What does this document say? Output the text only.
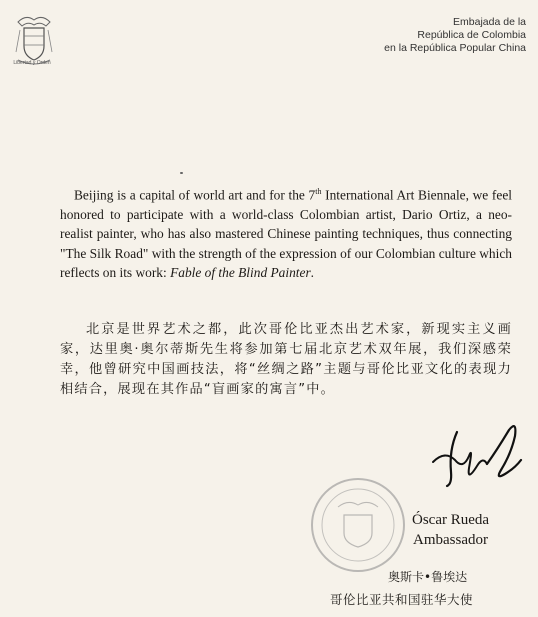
Libertad y Orden
Embajada de la
República de Colombia
en la República Popular China

Beijing is a capital of world art and for the 7th International Art Biennale, we feel honored to participate with a world-class Colombian artist, Dario Ortiz, a neo-realist painter, who has also mastered Chinese painting techniques, thus connecting "The Silk Road" with the strength of the expression of our Colombian culture which reflects on its work: Fable of the Blind Painter.

北京是世界艺术之都，此次哥伦比亚杰出艺术家，新现实主义画家，达里奥·奥尔蒂斯先生将参加第七届北京艺术双年展，我们深感荣幸，他曾研究中国画技法，将“丝绸之路”主题与哥伦比亚文化的表现力相结合，展现在其作品“盲画家的寓言”中。

Óscar Rueda
Ambassador
奥斯卡•鲁埃达
哥伦比亚共和国驻华大使
